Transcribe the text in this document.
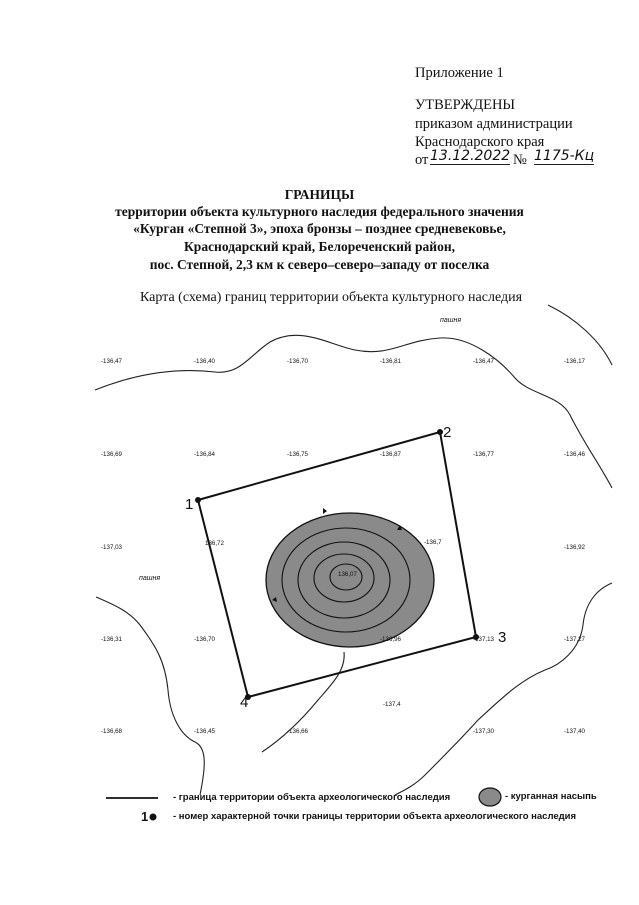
Приложение 1
УТВЕРЖДЕНЫ
приказом администрации
Краснодарского края
от 13.12.2022 № 1175-Кц
ГРАНИЦЫ
территории объекта культурного наследия федерального значения
«Курган «Степной 3», эпоха бронзы – позднее средневековье,
Краснодарский край, Белореченский район,
пос. Степной, 2,3 км к северо–северо–западу от поселка
Карта (схема) границ территории объекта культурного наследия
1
2
3
4
пашня
пашня
-136,47	-136,40	-136,70	-136,81	-136,47	-136,17
-136,69	-136,84	-136,75	-136,87	-136,77	-136,46
-137,03
136,72	-136,7
-136,92
136,07
-136,31	-136,70	-136,96	-137,13	-137,27
-137,4
-136,68	-136,45	-136,66	-137,30	-137,40
- граница территории объекта археологического наследия	- курганная насыпь
1	- номер характерной точки границы территории объекта археологического наследия
